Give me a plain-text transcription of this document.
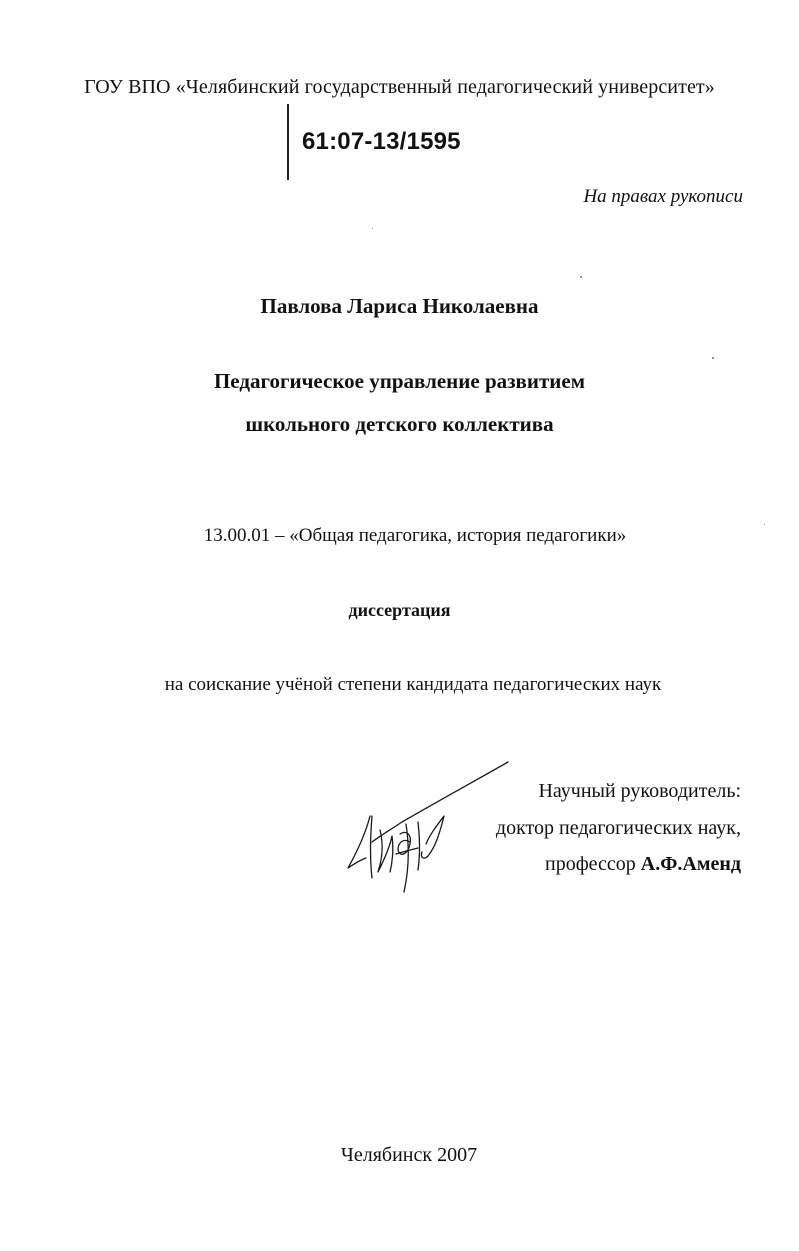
ГОУ ВПО «Челябинский государственный педагогический университет»
61:07-13/1595
На правах рукописи
Павлова Лариса Николаевна
Педагогическое управление развитием
школьного детского коллектива
13.00.01 – «Общая педагогика, история педагогики»
диссертация
на соискание учёной степени кандидата педагогических наук
Научный руководитель:
доктор педагогических наук,
профессор А.Ф.Аменд
Челябинск 2007
